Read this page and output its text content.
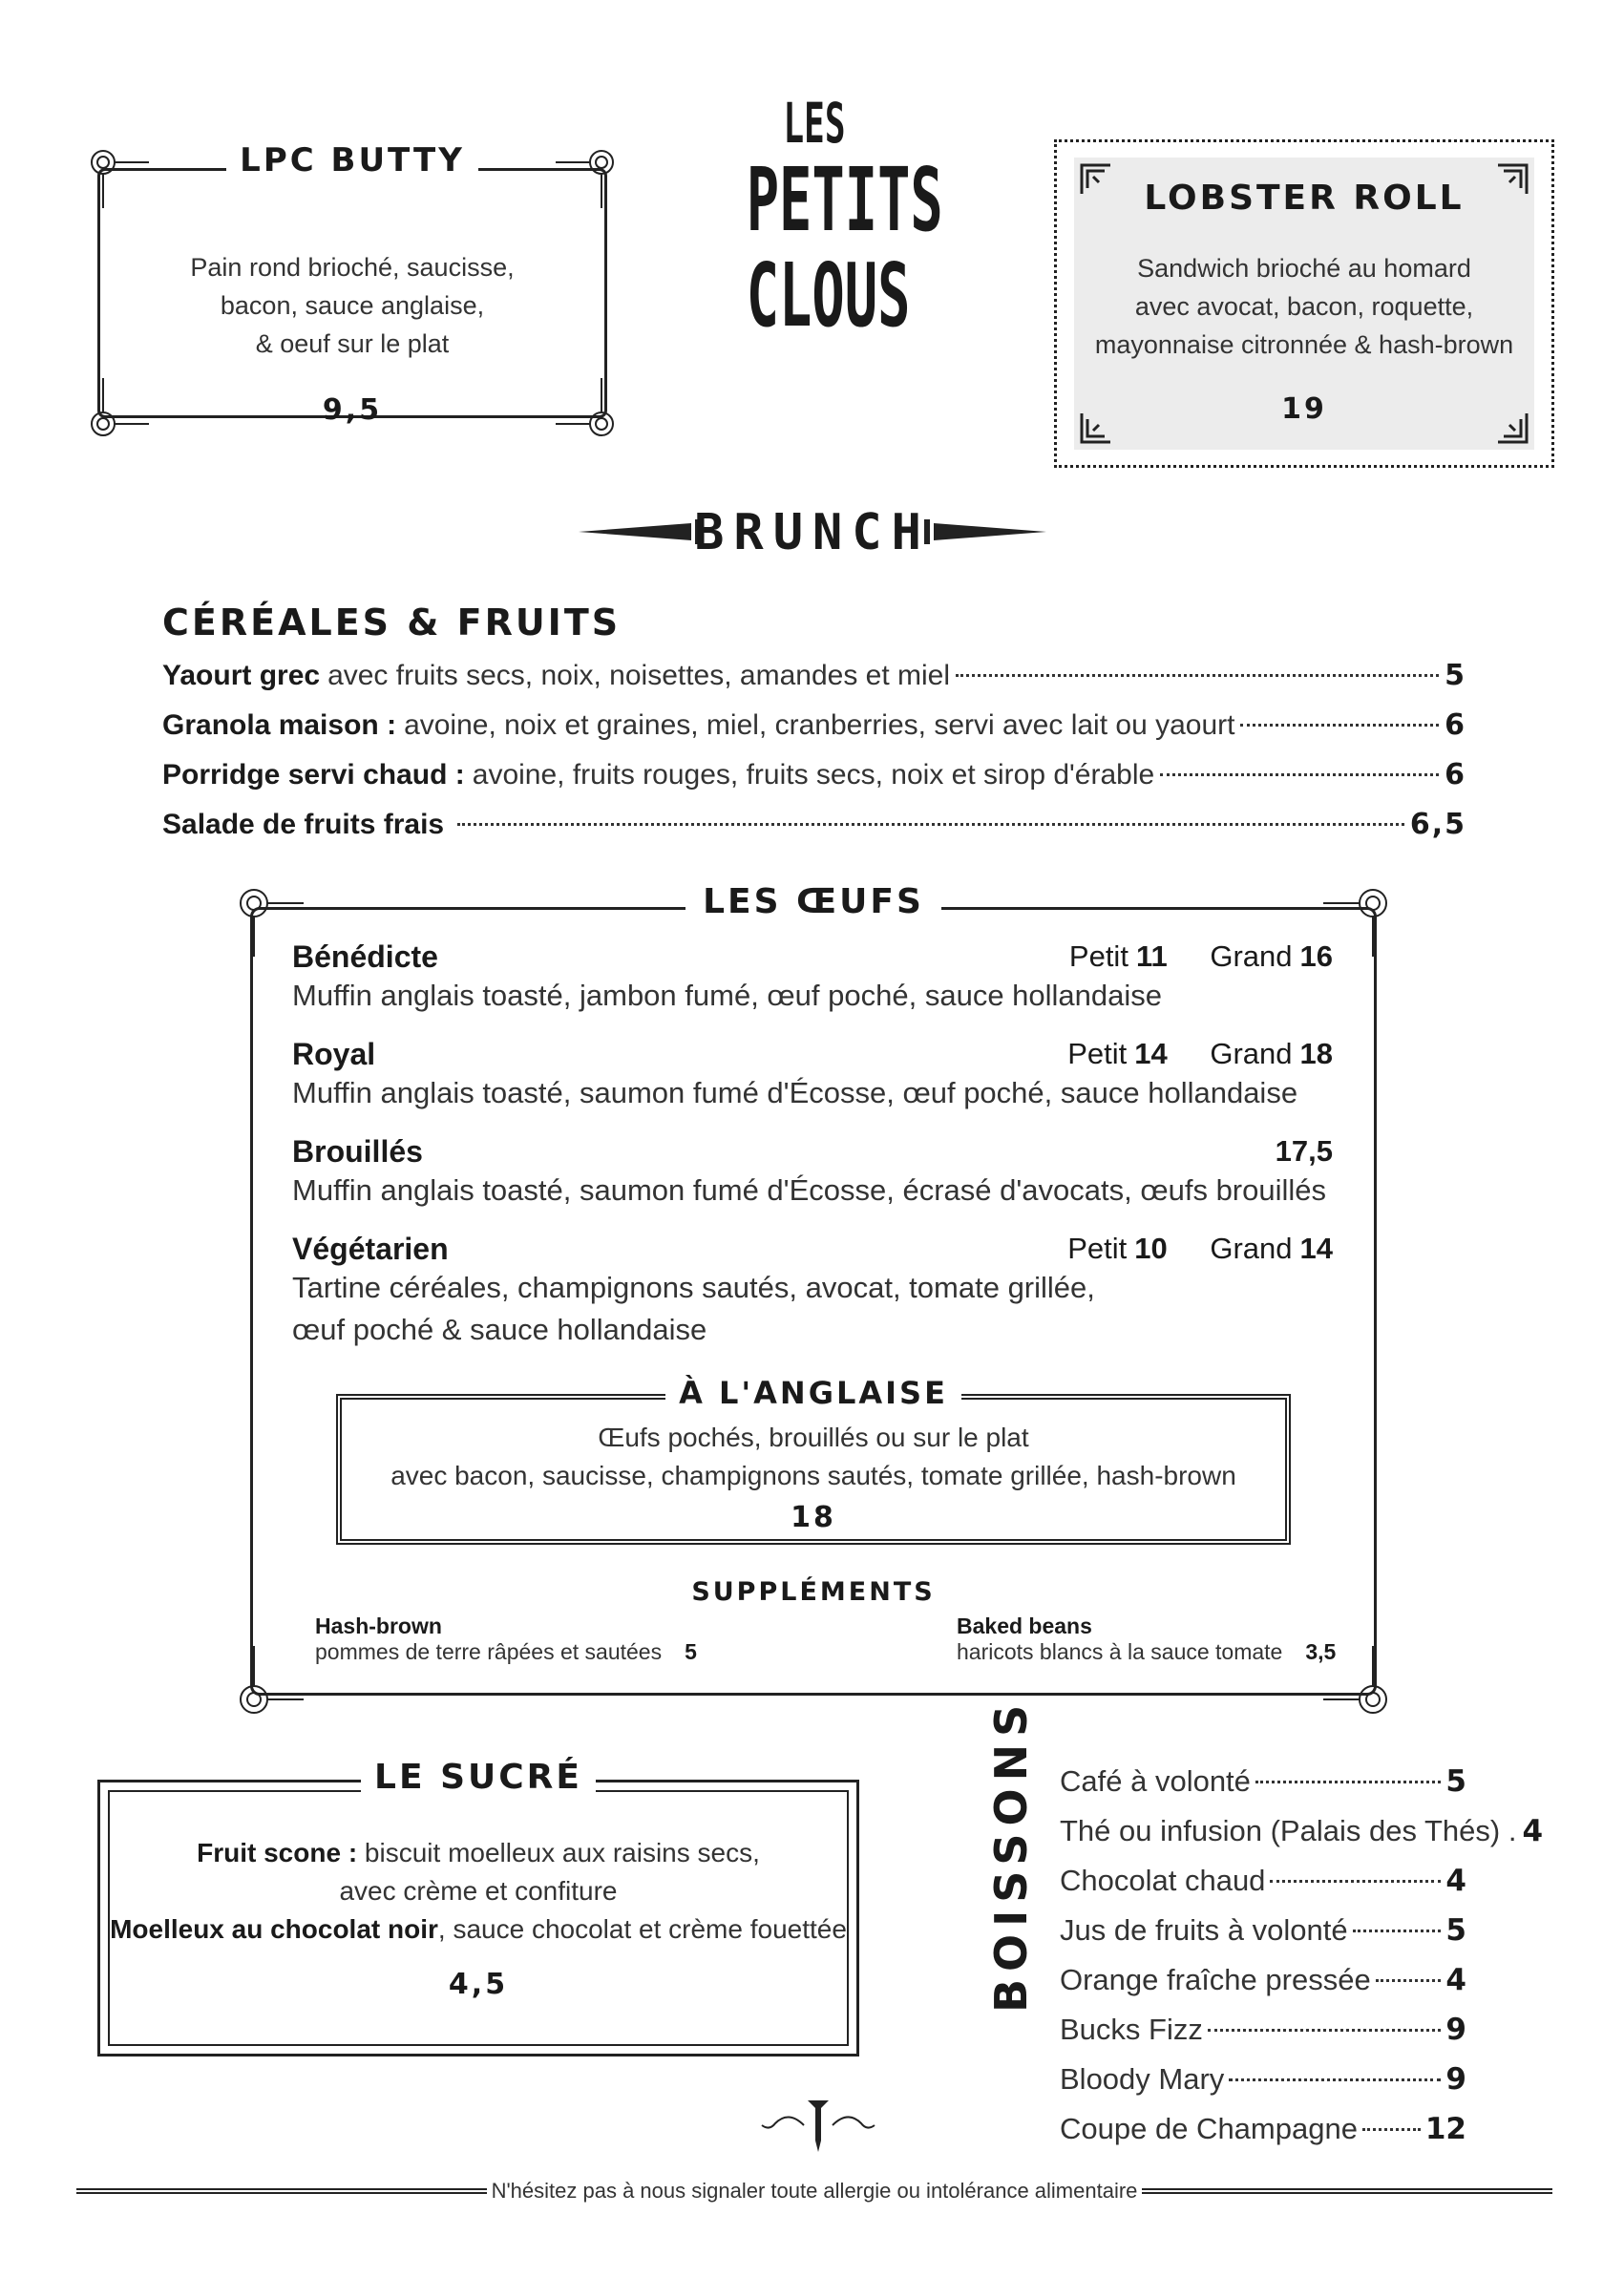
LPC BUTTY
Pain rond brioché, saucisse,
bacon, sauce anglaise,
& oeuf sur le plat
9,5
LES
PETITS
CLOUS
LOBSTER ROLL
Sandwich brioché au homard
avec avocat, bacon, roquette,
mayonnaise citronnée & hash-brown
19
BRUNCH
CÉRÉALES & FRUITS
Yaourt grec avec fruits secs, noix, noisettes, amandes et miel	5
Granola maison : avoine, noix et graines, miel, cranberries, servi avec lait ou yaourt	6
Porridge servi chaud : avoine, fruits rouges, fruits secs, noix et sirop d'érable	6
Salade de fruits frais	6,5
LES ŒUFS
Bénédicte
Muffin anglais toasté, jambon fumé, œuf poché, sauce hollandaise
Petit 11 Grand 16
Royal
Muffin anglais toasté, saumon fumé d'Écosse, œuf poché, sauce hollandaise
Petit 14 Grand 18
Brouillés
Muffin anglais toasté, saumon fumé d'Écosse, écrasé d'avocats, œufs brouillés
17,5
Végétarien
Tartine céréales, champignons sautés, avocat, tomate grillée,
œuf poché & sauce hollandaise
Petit 10 Grand 14
À L'ANGLAISE
Œufs pochés, brouillés ou sur le plat
avec bacon, saucisse, champignons sautés, tomate grillée, hash-brown
18
SUPPLÉMENTS
Hash-brown
pommes de terre râpées et sautées 5
Baked beans
haricots blancs à la sauce tomate 3,5
LE SUCRÉ
Fruit scone : biscuit moelleux aux raisins secs,
avec crème et confiture
Moelleux au chocolat noir, sauce chocolat et crème fouettée
4,5	BOISSONS Café à volonté	5
Thé ou infusion (Palais des Thés) . 4
Chocolat chaud	4
Jus de fruits à volonté	5
Orange fraîche pressée	4
Bucks Fizz	9
Bloody Mary	9
Coupe de Champagne 12
N'hésitez pas à nous signaler toute allergie ou intolérance alimentaire
